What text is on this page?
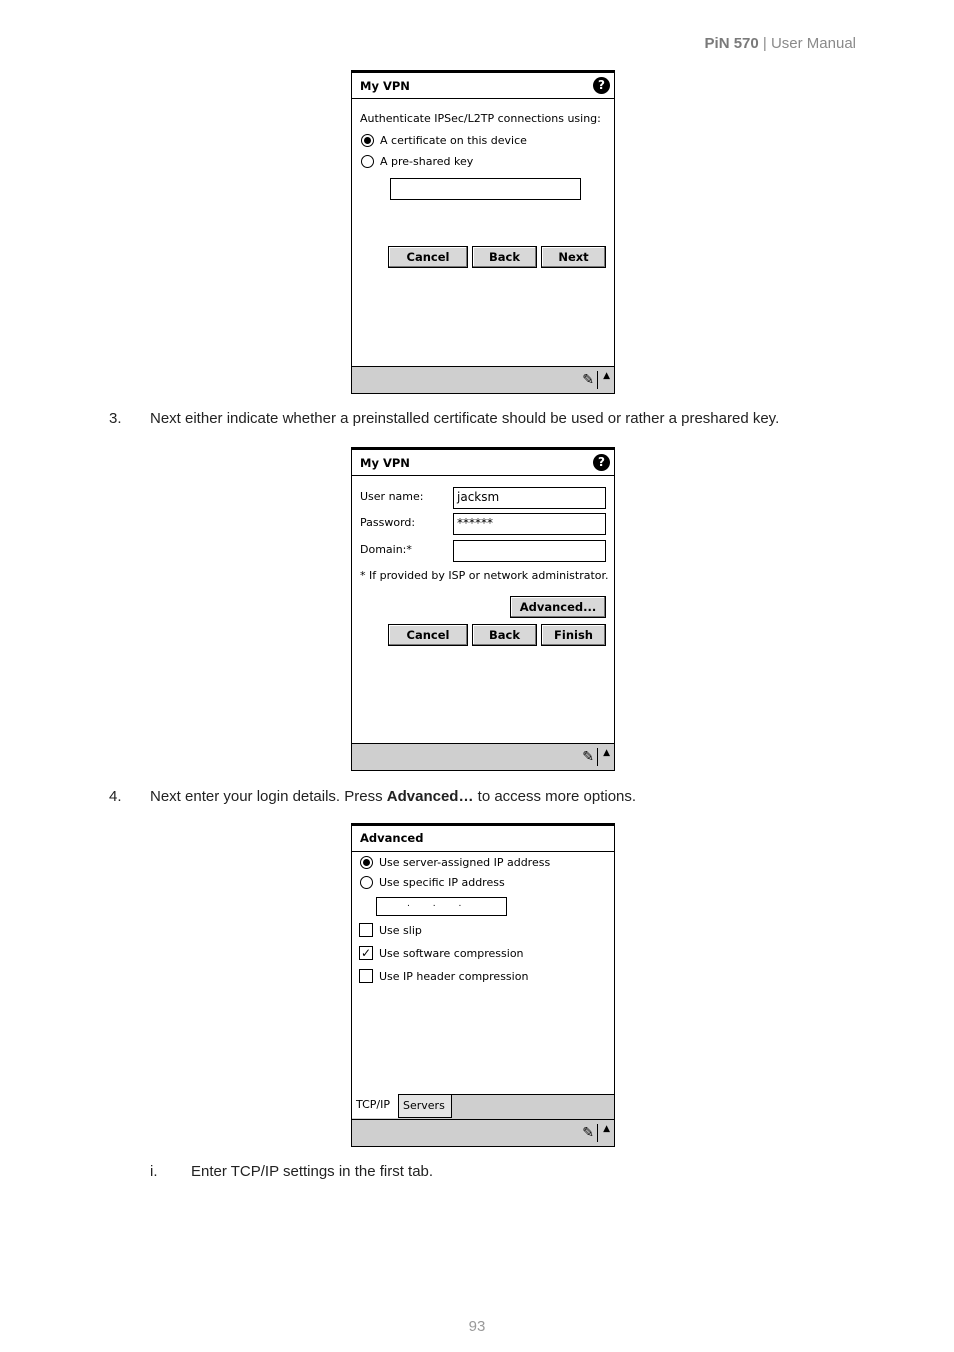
PiN 570 | User Manual
My VPN	?
Authenticate IPSec/L2TP connections using:
A certificate on this device
A pre-shared key
Cancel	Back	Next
✎ ▲
3. Next either indicate whether a preinstalled certificate should be used or rather a preshared key.
My VPN	?
User name:	jacksm
Password:	******
Domain:*
* If provided by ISP or network administrator.
Advanced...
Cancel	Back	Finish
✎ ▲
4. Next enter your login details. Press Advanced… to access more options.
Advanced
Use server-assigned IP address
Use specific IP address
.        .        .
Use slip
✓ Use software compression
Use IP header compression
TCP/IP	Servers
✎ ▲
i. Enter TCP/IP settings in the first tab.
93
